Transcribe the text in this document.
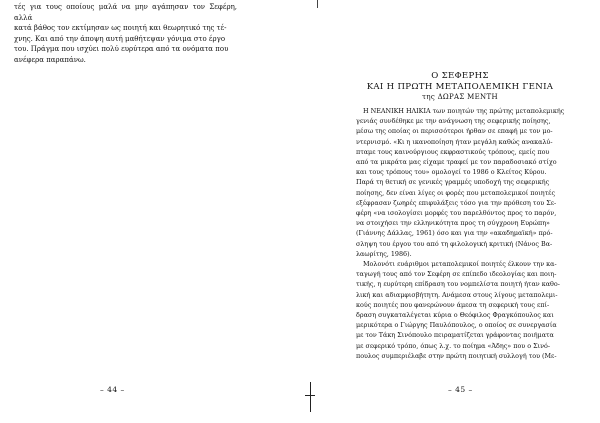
τές για τους οποίους μαλά να μην αγάπησαν τον Σεφέρη, αλλά
κατά βάθος τον εκτίμησαν ως ποιητή και θεωρητικό της τέ-
χνης. Και από την άποψη αυτή μαθήτεψαν γόνιμα στο έργο
του. Πράγμα που ισχύει πολύ ευρύτερα από τα ονόματα που
ανέφερα παραπάνω.

– 44 –

Ο ΣΕΦΕΡΗΣ
ΚΑΙ Η ΠΡΩΤΗ ΜΕΤΑΠΟΛΕΜΙΚΗ ΓΕΝΙΑ

της ΔΩΡΑΣ ΜΕΝΤΗ

Η ΝΕΑΝΙΚΗ ΗΛΙΚΙΑ των ποιητών της πρώτης μεταπολεμικής
γενιάς συνδέθηκε με την ανάγνωση της σεφερικής ποίησης,
μέσω της οποίας οι περισσότεροι ήρθαν σε επαφή με τον μο-
ντερνισμό. «Κι η ικανοποίηση ήταν μεγάλη καθώς ανακαλύ-
πταμε τους καινούργιους εκφραστικούς τρόπους, εμείς που
από τα μικράτα μας είχαμε τραφεί με τον παραδοσιακό στίχο
και τους τρόπους του» ομολογεί το 1986 ο Κλείτος Κύρου.
Παρά τη θετική σε γενικές γραμμές υποδοχή της σεφερικής
ποίησης, δεν είναι λίγες οι φορές που μεταπολεμικοί ποιητές
εξέφρασαν ζωηρές επιφυλάξεις τόσο για την πρόθεση του Σε-
φέρη «να ισολογίσει μορφές του παρελθόντος προς το παρόν,
να στοιχήσει την ελληνικότητα προς τη σύγχρονη Ευρώπη»
(Γιάννης Δάλλας, 1961) όσο και για την «ακαδημαϊκή» πρό-
σληψη του έργου του από τη φιλολογική κριτική (Νάνος Βα-
λαωρίτης, 1986).
Μολονότι ευάριθμοι μεταπολεμικοί ποιητές έλκουν την κα-
ταγωγή τους από τον Σεφέρη σε επίπεδο ιδεολογίας και ποιη-
τικής, η ευρύτερη επίδραση του νομπελίστα ποιητή ήταν καθο-
λική και αδιαμφισβήτητη. Ανάμεσα στους λίγους μεταπολεμι-
κούς ποιητές που φανερώνουν άμεσα τη σεφερική τους επί-
δραση συγκαταλέγεται κύρια ο Θεόφιλος Φραγκόπουλος και
μερικότερα ο Γιώργης Παυλόπουλος, ο οποίος σε συνεργασία
με τον Τάκη Σινόπουλο πειραματίζεται γράφοντας ποιήματα
με σεφερικό τρόπο, όπως λ.χ. το ποίημα «Άδης» που ο Σινό-
πουλος συμπεριέλαβε στην πρώτη ποιητική συλλογή του (Με-

– 45 –
